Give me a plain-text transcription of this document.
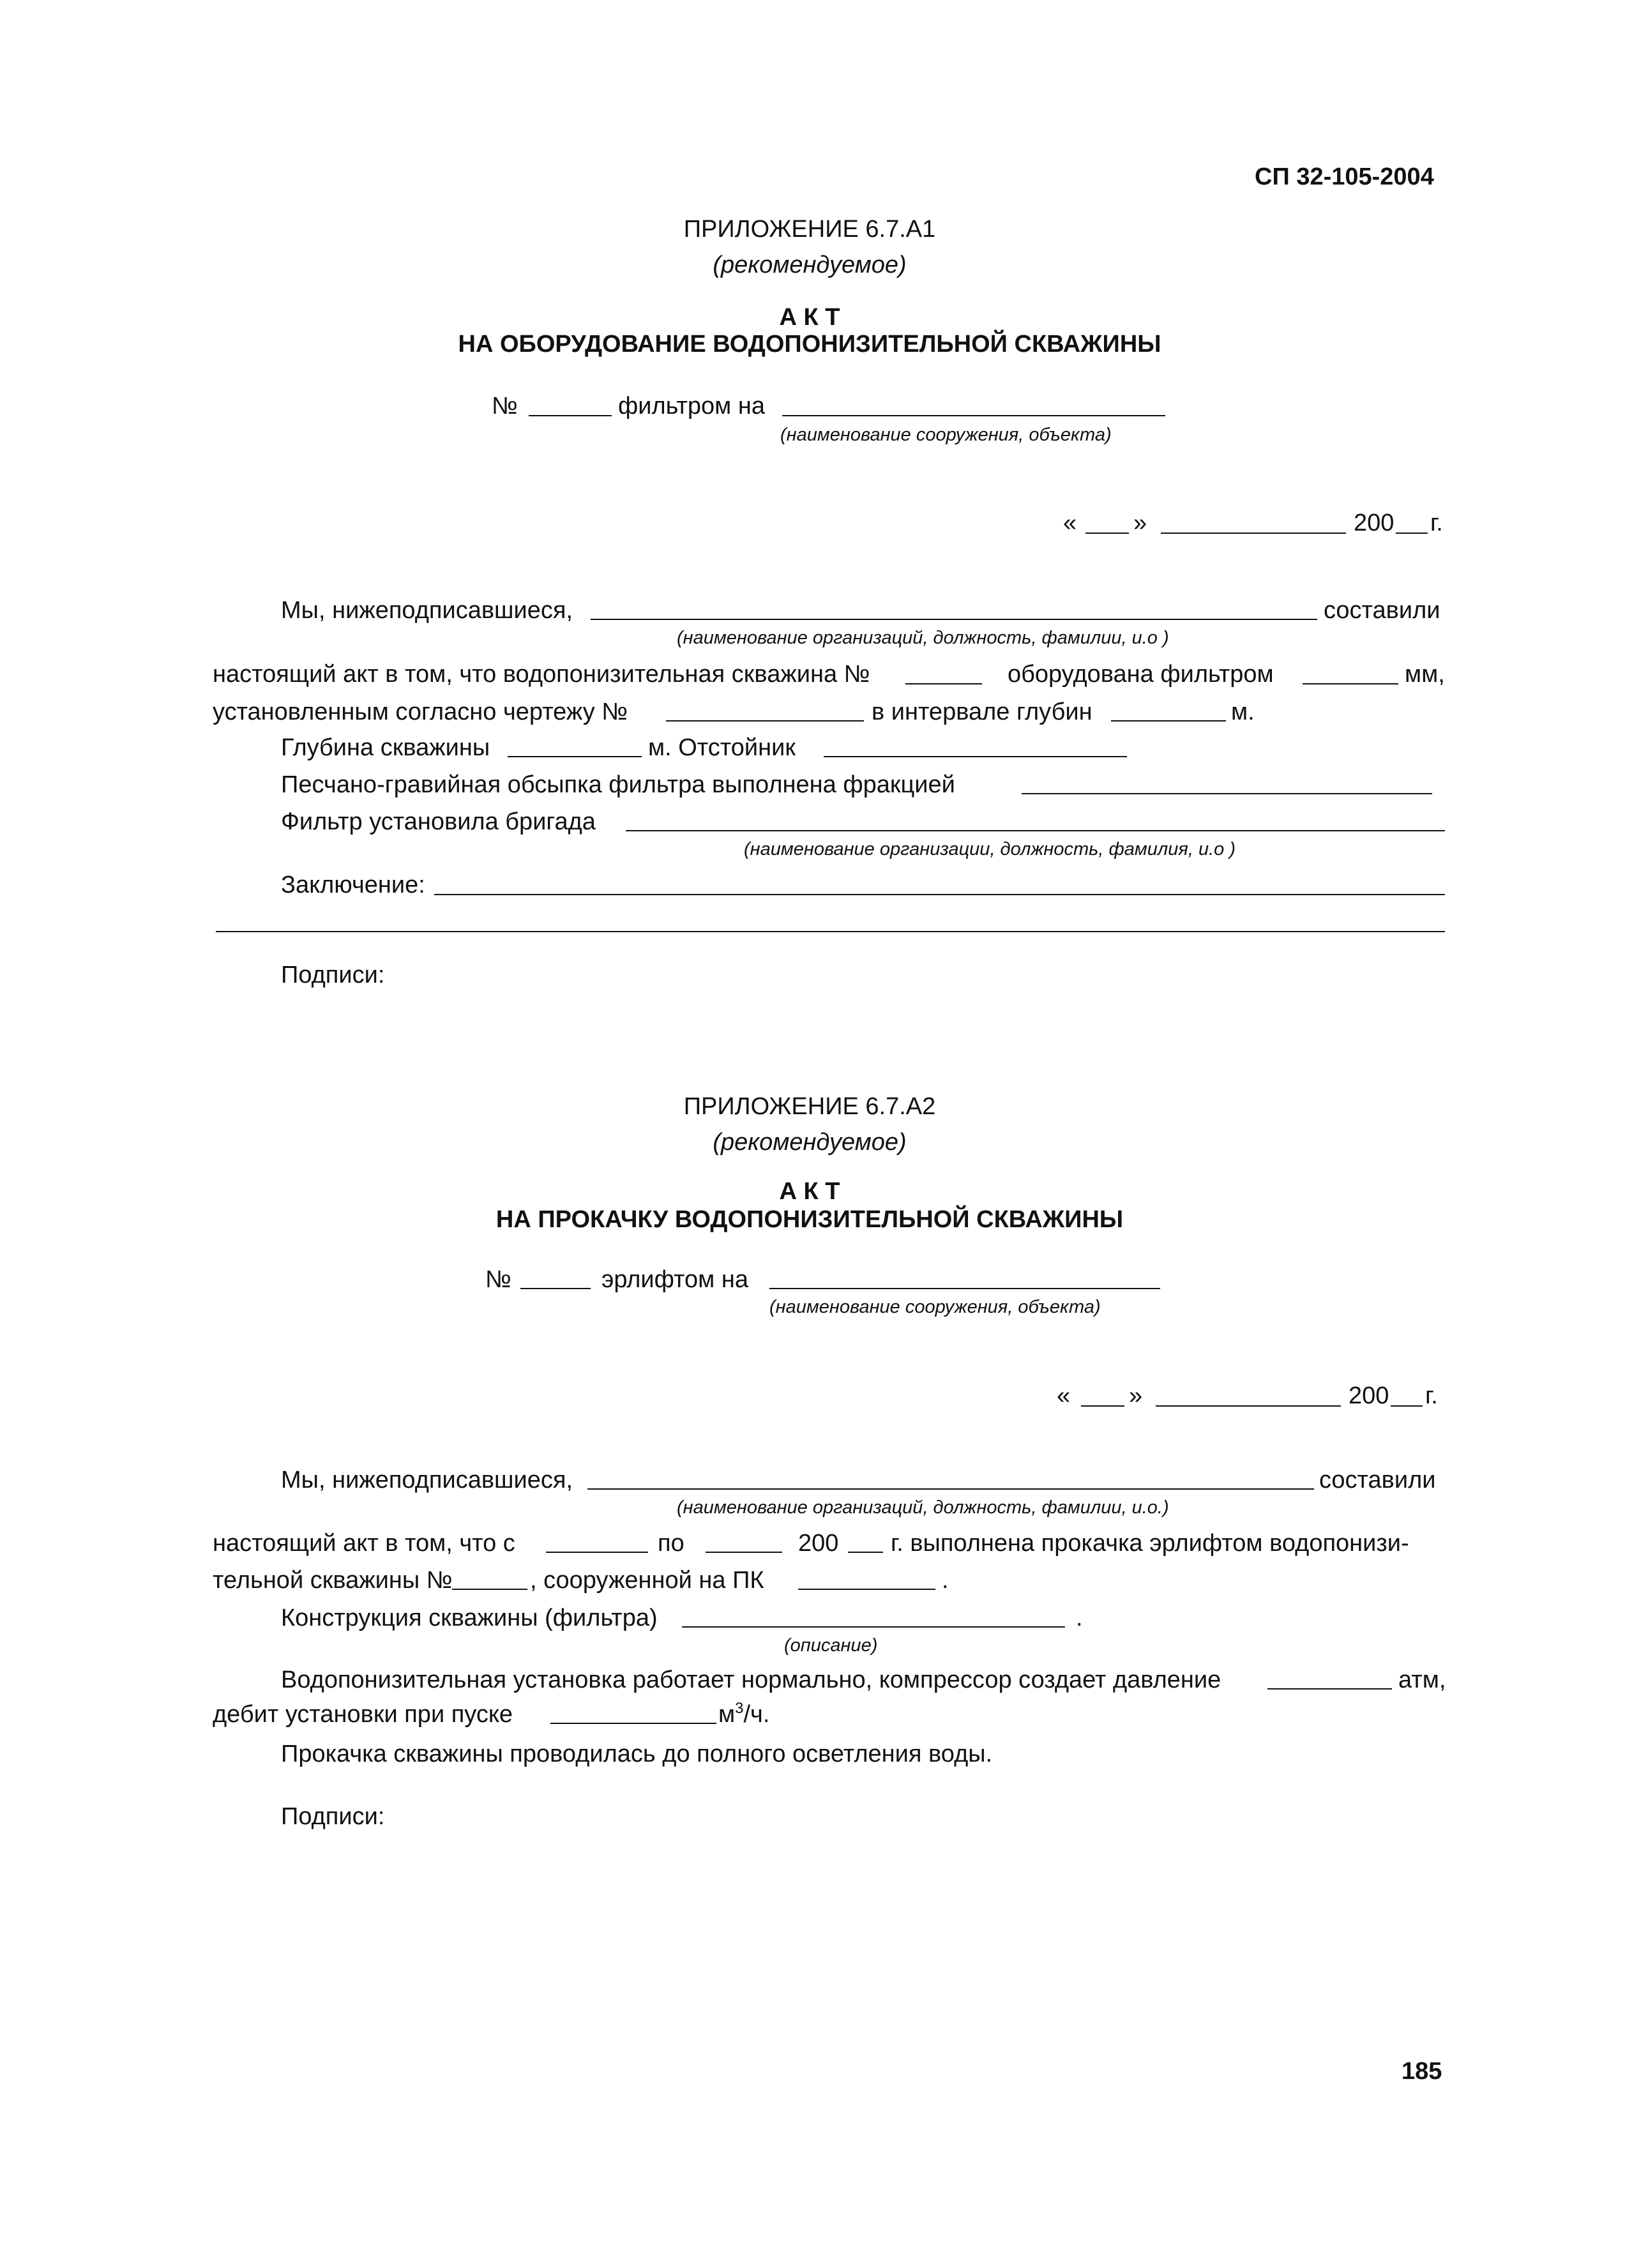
СП 32-105-2004
ПРИЛОЖЕНИЕ 6.7.А1
(рекомендуемое)
А К Т
НА ОБОРУДОВАНИЕ ВОДОПОНИЗИТЕЛЬНОЙ СКВАЖИНЫ
№	фильтром на
(наименование сооружения, объекта)
« »	200 г.
Мы, нижеподписавшиеся,	составили
(наименование организаций, должность, фамилии, и.о )
настоящий акт в том, что водопонизительная скважина №	оборудована фильтром	мм,
установленным согласно чертежу №	в интервале глубин	м.
Глубина скважины	м. Отстойник
Песчано-гравийная обсыпка фильтра выполнена фракцией
Фильтр установила бригада
(наименование организации, должность, фамилия, и.о )
Заключение:
Подписи:
ПРИЛОЖЕНИЕ 6.7.А2
(рекомендуемое)
А К Т
НА ПРОКАЧКУ ВОДОПОНИЗИТЕЛЬНОЙ СКВАЖИНЫ
№	эрлифтом на
(наименование сооружения, объекта)
« »	200 г.
Мы, нижеподписавшиеся,	составили
(наименование организаций, должность, фамилии, и.о.)
настоящий акт в том, что с	по	200 г. выполнена прокачка эрлифтом водопонизи-
тельной скважины №	, сооруженной на ПК	.
Конструкция скважины (фильтра)	.
(описание)
Водопонизительная установка работает нормально, компрессор создает давление	атм,
дебит установки при пуске	$м^3/ч$.
Прокачка скважины проводилась до полного осветления воды.
Подписи:
185
